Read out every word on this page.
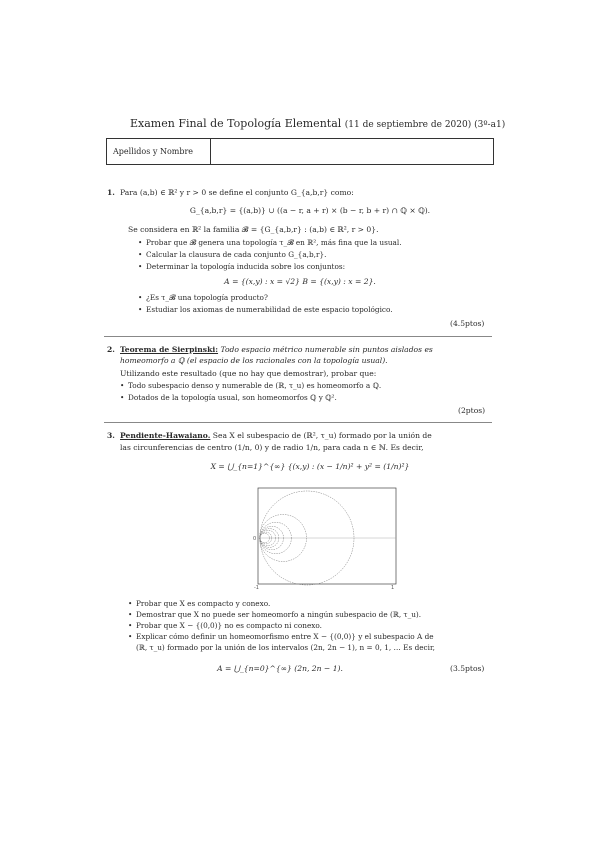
Examen Final de Topología Elemental (11 de septiembre de 2020) (3º-a1)
Apellidos y Nombre
1. Para (a,b) ∈ ℝ² y r > 0 se define el conjunto G_{a,b,r} como:
G_{a,b,r} = {(a,b)} ∪ ((a − r, a + r) × (b − r, b + r) ∩ ℚ × ℚ).
Se considera en ℝ² la familia 𝓑 = {G_{a,b,r} : (a,b) ∈ ℝ², r > 0}.
• Probar que 𝓑 genera una topología τ_𝓑 en ℝ², más fina que la usual.
• Calcular la clausura de cada conjunto G_{a,b,r}.
• Determinar la topología inducida sobre los conjuntos:
A = {(x,y) : x = √2} B = {(x,y) : x = 2}.
• ¿Es τ_𝓑 una topología producto?
• Estudiar los axiomas de numerabilidad de este espacio topológico.
(4.5ptos)
2. Teorema de Sierpinski: Todo espacio métrico numerable sin puntos aislados es
homeomorfo a ℚ (el espacio de los racionales con la topología usual).
Utilizando este resultado (que no hay que demostrar), probar que:
• Todo subespacio denso y numerable de (ℝ, τ_u) es homeomorfo a ℚ.
• Dotados de la topología usual, son homeomorfos ℚ y ℚ².
(2ptos)
3. Pendiente-Hawaiano. Sea X el subespacio de (ℝ², τ_u) formado por la unión de
las circunferencias de centro (1/n, 0) y de radio 1/n, para cada n ∈ ℕ. Es decir,
X = ⋃_{n=1}^{∞} {(x,y) : (x − 1/n)² + y² = (1/n)²}
0
-1	1
• Probar que X es compacto y conexo.
• Demostrar que X no puede ser homeomorfo a ningún subespacio de (ℝ, τ_u).
• Probar que X − {(0,0)} no es compacto ni conexo.
• Explicar cómo definir un homeomorfismo entre X − {(0,0)} y el subespacio A de
(ℝ, τ_u) formado por la unión de los intervalos (2n, 2n − 1), n = 0, 1, … Es decir,
A = ⋃_{n=0}^{∞} (2n, 2n − 1).	(3.5ptos)
